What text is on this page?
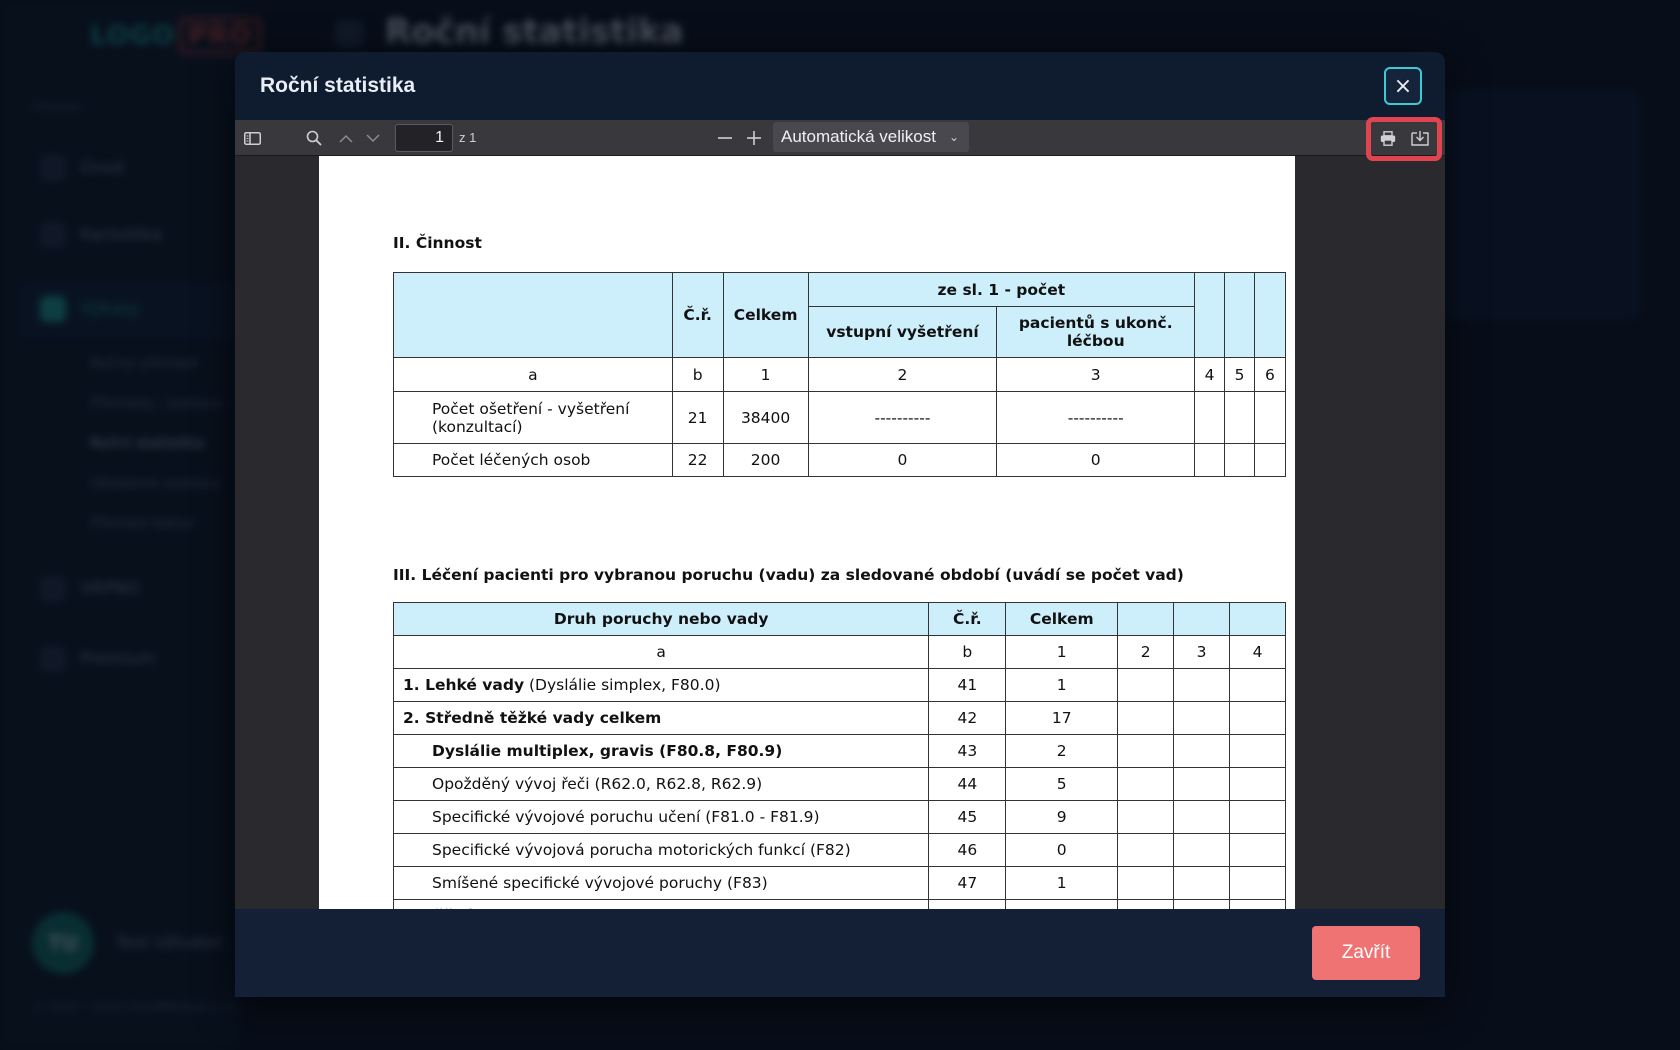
LOGO PRO
Činnosti
Úvod
Kartotéka
Výkazy
Ročný přehled
Přehledy, sestavy
Roční statistika
Obdobné sestavy
Přehled faktur
VRPNO
Premium
TU	Test Uživatel
© 2015 – 2024 CloudMedical s.r.o.
Roční statistika
Roční statistika	×
1	z 1	Automatická velikost ⌄
II. Činnost
	Č.ř.	Celkem	ze sl. 1 - počet				
			vstupní vyšetření	pacientů s ukonč. léčbou			
a	b	1	2	3	4	5	6
Počet ošetření - vyšetření (konzultací)	21	38400	----------	----------			
Počet léčených osob	22	200	0	0			
III. Léčení pacienti pro vybranou poruchu (vadu) za sledované období (uvádí se počet vad)
Druh poruchy nebo vady	Č.ř.	Celkem			
a	b	1	2	3	4
1. Lehké vady (Dyslálie simplex, F80.0)	41	1			
2. Středně těžké vady celkem	42	17			
Dyslálie multiplex, gravis (F80.8, F80.9)	43	2			
Opožděný vývoj řeči (R62.0, R62.8, R62.9)	44	5			
Specifické vývojové poruchu učení (F81.0 - F81.9)	45	9			
Specifické vývojová porucha motorických funkcí (F82)	46	0			
Smíšené specifické vývojové poruchy (F83)	47	1			

Zavřít
